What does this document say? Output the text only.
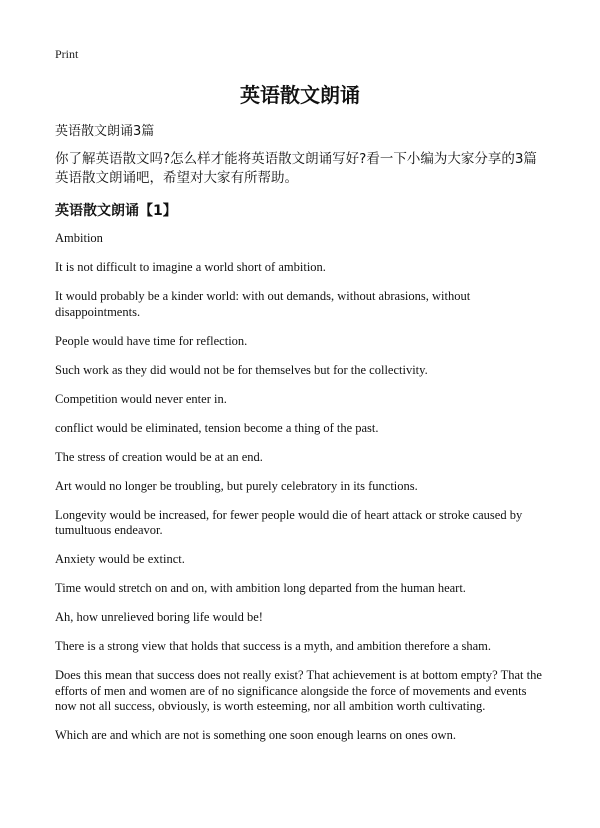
Print
英语散文朗诵
英语散文朗诵3篇
你了解英语散文吗?怎么样才能将英语散文朗诵写好?看一下小编为大家分享的3篇英语散文朗诵吧，希望对大家有所帮助。
英语散文朗诵【1】

Ambition

It is not difficult to imagine a world short of ambition.

It would probably be a kinder world: with out demands, without abrasions, without disappointments.

People would have time for reflection.

Such work as they did would not be for themselves but for the collectivity.

Competition would never enter in.

conflict would be eliminated, tension become a thing of the past.

The stress of creation would be at an end.

Art would no longer be troubling, but purely celebratory in its functions.

Longevity would be increased, for fewer people would die of heart attack or stroke caused by tumultuous endeavor.

Anxiety would be extinct.

Time would stretch on and on, with ambition long departed from the human heart.

Ah, how unrelieved boring life would be!

There is a strong view that holds that success is a myth, and ambition therefore a sham.

Does this mean that success does not really exist? That achievement is at bottom empty? That the efforts of men and women are of no significance alongside the force of movements and events now not all success, obviously, is worth esteeming, nor all ambition worth cultivating.

Which are and which are not is something one soon enough learns on ones own.
